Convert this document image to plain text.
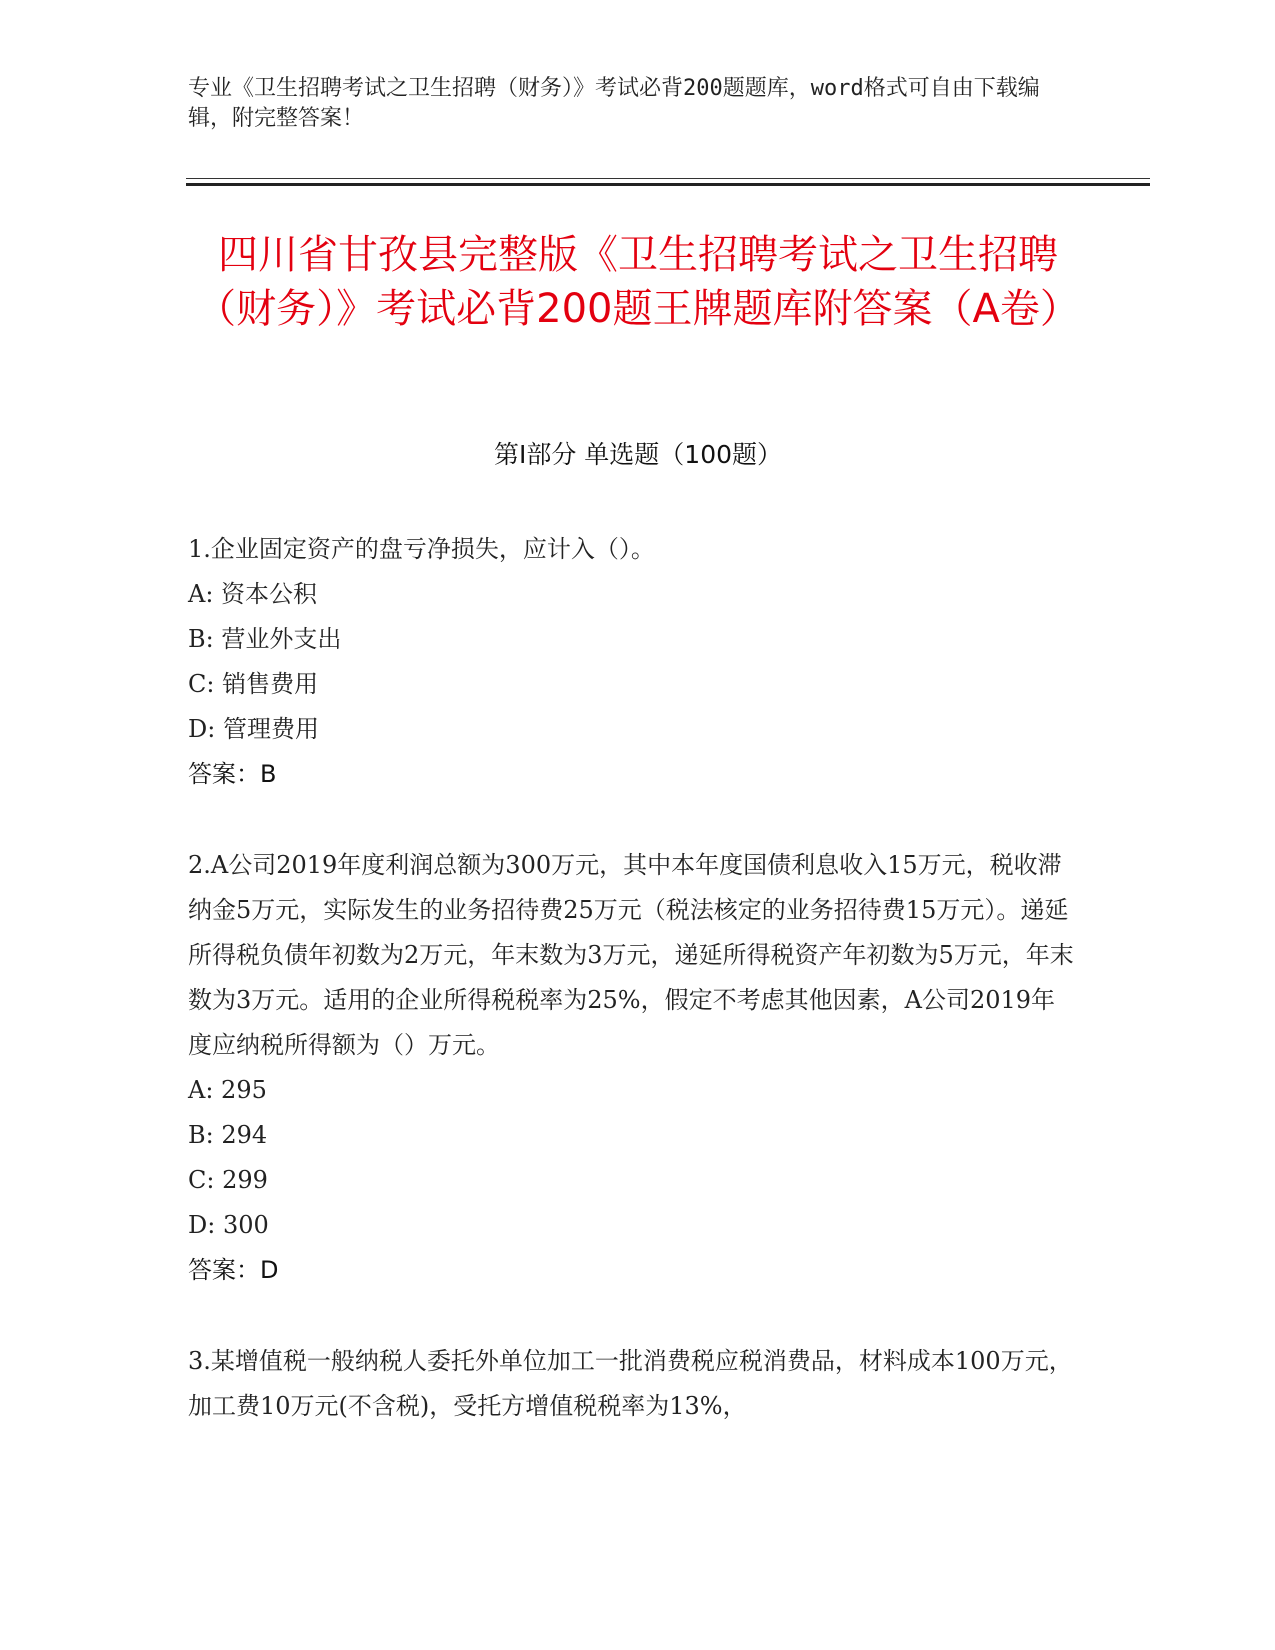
专业《卫生招聘考试之卫生招聘（财务）》考试必背200题题库，word格式可自由下载编辑，附完整答案！

四川省甘孜县完整版《卫生招聘考试之卫生招聘（财务）》考试必背200题王牌题库附答案（A卷）
第Ⅰ部分 单选题（100题）

1.企业固定资产的盘亏净损失，应计入（）。

A: 资本公积

B: 营业外支出

C: 销售费用

D: 管理费用

答案：B

2.A公司2019年度利润总额为300万元，其中本年度国债利息收入15万元，税收滞纳金5万元，实际发生的业务招待费25万元（税法核定的业务招待费15万元）。递延所得税负债年初数为2万元，年末数为3万元，递延所得税资产年初数为5万元，年末数为3万元。适用的企业所得税税率为25%，假定不考虑其他因素，A公司2019年度应纳税所得额为（）万元。

A: 295

B: 294

C: 299

D: 300

答案：D

3.某增值税一般纳税人委托外单位加工一批消费税应税消费品，材料成本100万元，加工费10万元(不含税)，受托方增值税税率为13%，
